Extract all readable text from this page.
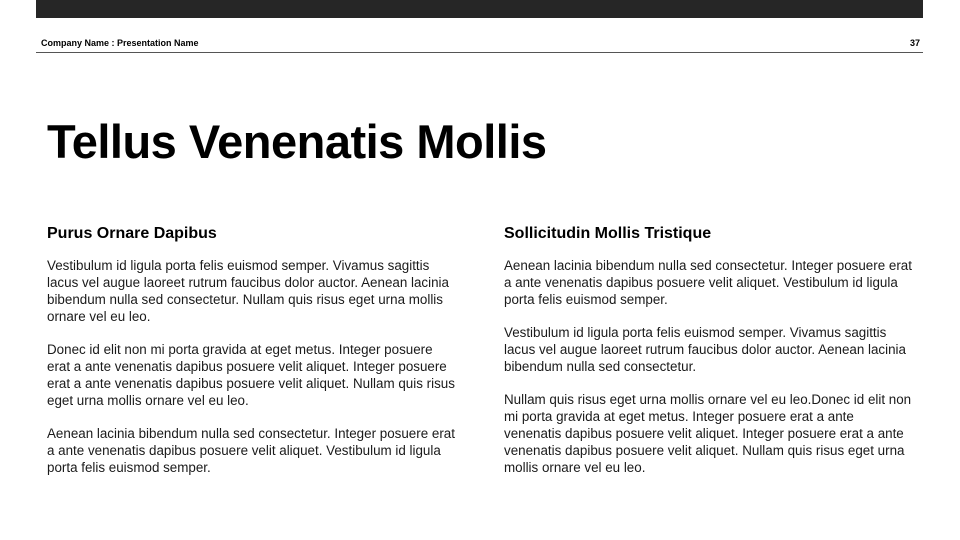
Company Name : Presentation Name	37
Tellus Venenatis Mollis
Purus Ornare Dapibus

Vestibulum id ligula porta felis euismod semper. Vivamus sagittis lacus vel augue laoreet rutrum faucibus dolor auctor. Aenean lacinia bibendum nulla sed consectetur. Nullam quis risus eget urna mollis ornare vel eu leo.

Donec id elit non mi porta gravida at eget metus. Integer posuere erat a ante venenatis dapibus posuere velit aliquet. Integer posuere erat a ante venenatis dapibus posuere velit aliquet. Nullam quis risus eget urna mollis ornare vel eu leo.

Aenean lacinia bibendum nulla sed consectetur. Integer posuere erat a ante venenatis dapibus posuere velit aliquet. Vestibulum id ligula porta felis euismod semper.

Sollicitudin Mollis Tristique

Aenean lacinia bibendum nulla sed consectetur. Integer posuere erat a ante venenatis dapibus posuere velit aliquet. Vestibulum id ligula porta felis euismod semper.

Vestibulum id ligula porta felis euismod semper. Vivamus sagittis lacus vel augue laoreet rutrum faucibus dolor auctor. Aenean lacinia bibendum nulla sed consectetur.

Nullam quis risus eget urna mollis ornare vel eu leo.Donec id elit non mi porta gravida at eget metus. Integer posuere erat a ante venenatis dapibus posuere velit aliquet. Integer posuere erat a ante venenatis dapibus posuere velit aliquet. Nullam quis risus eget urna mollis ornare vel eu leo.
